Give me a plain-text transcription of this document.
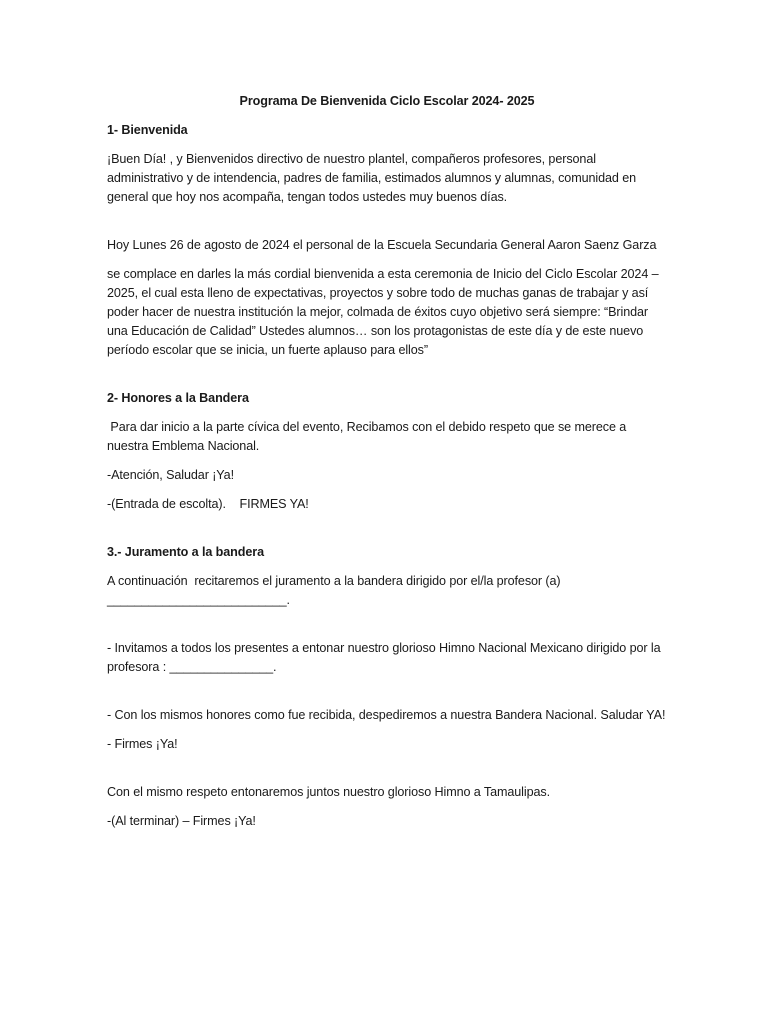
Programa De Bienvenida Ciclo Escolar 2024- 2025

1- Bienvenida

¡Buen Día! , y Bienvenidos directivo de nuestro plantel, compañeros profesores, personal administrativo y de intendencia, padres de familia, estimados alumnos y alumnas, comunidad en general que hoy nos acompaña, tengan todos ustedes muy buenos días.

Hoy Lunes 26 de agosto de 2024 el personal de la Escuela Secundaria General Aaron Saenz Garza

se complace en darles la más cordial bienvenida a esta ceremonia de Inicio del Ciclo Escolar 2024 – 2025, el cual esta lleno de expectativas, proyectos y sobre todo de muchas ganas de trabajar y así poder hacer de nuestra institución la mejor, colmada de éxitos cuyo objetivo será siempre: “Brindar una Educación de Calidad” Ustedes alumnos… son los protagonistas de este día y de este nuevo período escolar que se inicia, un fuerte aplauso para ellos”

2- Honores a la Bandera

Para dar inicio a la parte cívica del evento, Recibamos con el debido respeto que se merece a nuestra Emblema Nacional.

-Atención, Saludar ¡Ya!

-(Entrada de escolta).    FIRMES YA!

3.- Juramento a la bandera

A continuación  recitaremos el juramento a la bandera dirigido por el/la profesor (a) __________________________.

- Invitamos a todos los presentes a entonar nuestro glorioso Himno Nacional Mexicano dirigido por la profesora : _______________.

- Con los mismos honores como fue recibida, despediremos a nuestra Bandera Nacional. Saludar YA!

- Firmes ¡Ya!

Con el mismo respeto entonaremos juntos nuestro glorioso Himno a Tamaulipas.

-(Al terminar) – Firmes ¡Ya!
